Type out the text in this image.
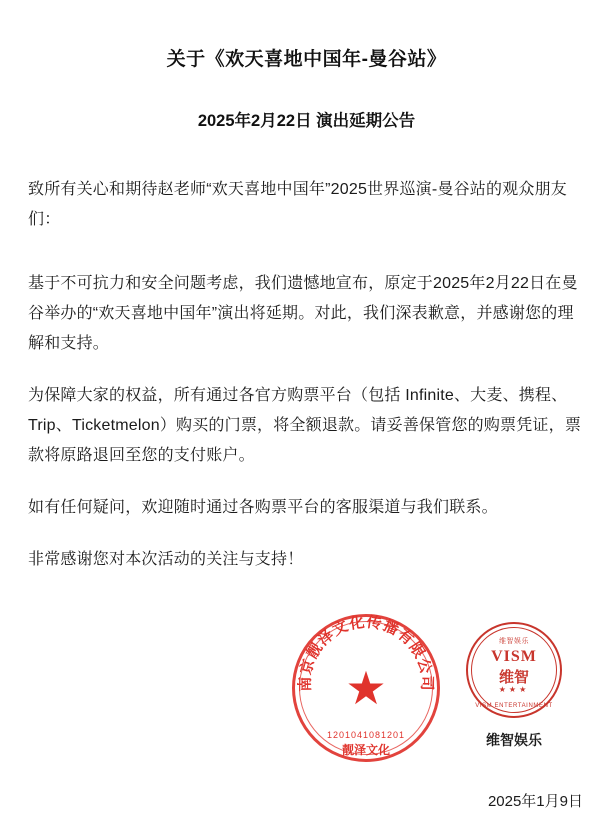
关于《欢天喜地中国年-曼谷站》
2025年2月22日 演出延期公告

致所有关心和期待赵老师“欢天喜地中国年”2025世界巡演-曼谷站的观众朋友们：

基于不可抗力和安全问题考虑，我们遗憾地宣布，原定于2025年2月22日在曼谷举办的“欢天喜地中国年”演出将延期。对此，我们深表歉意，并感谢您的理解和支持。

为保障大家的权益，所有通过各官方购票平台（包括 Infinite、大麦、携程、Trip、Ticketmelon）购买的门票，将全额退款。请妥善保管您的购票凭证，票款将原路退回至您的支付账户。

如有任何疑问，欢迎随时通过各购票平台的客服渠道与我们联系。

非常感谢您对本次活动的关注与支持！

南京靓泽文化传播有限公司
★
1201041081201
靓泽文化
维智娱乐
VISM
维智
★★★
VISM ENTERTAINMENT
维智娱乐
2025年1月9日
